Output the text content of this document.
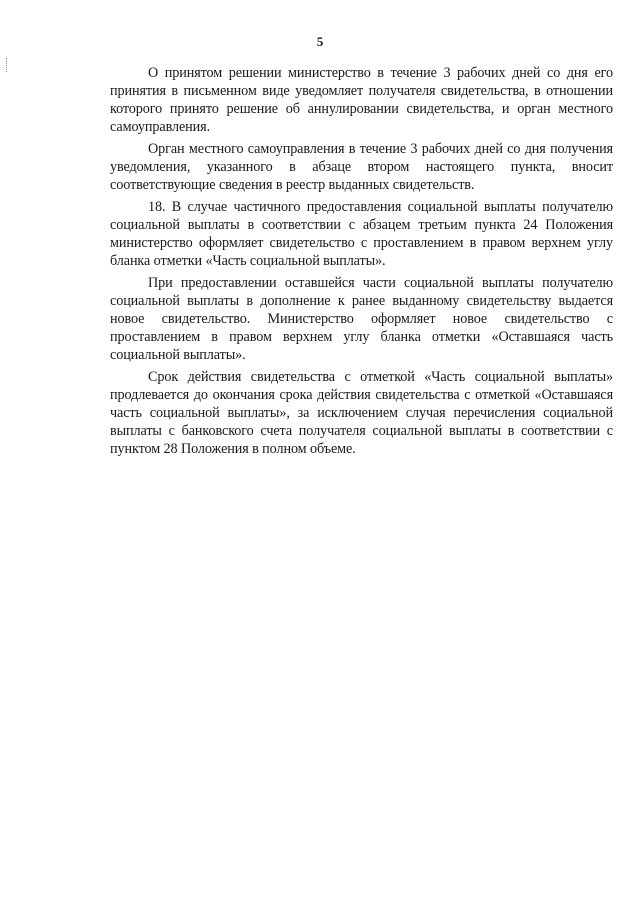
5

О принятом решении министерство в течение 3 рабочих дней со дня его принятия в письменном виде уведомляет получателя свидетельства, в отношении которого принято решение об аннулировании свидетельства, и орган местного самоуправления.

Орган местного самоуправления в течение 3 рабочих дней со дня получения уведомления, указанного в абзаце втором настоящего пункта, вносит соответствующие сведения в реестр выданных свидетельств.

18. В случае частичного предоставления социальной выплаты получателю социальной выплаты в соответствии с абзацем третьим пункта 24 Положения министерство оформляет свидетельство с проставлением в правом верхнем углу бланка отметки «Часть социальной выплаты».

При предоставлении оставшейся части социальной выплаты получателю социальной выплаты в дополнение к ранее выданному свидетельству выдается новое свидетельство. Министерство оформляет новое свидетельство с проставлением в правом верхнем углу бланка отметки «Оставшаяся часть социальной выплаты».

Срок действия свидетельства с отметкой «Часть социальной выплаты» продлевается до окончания срока действия свидетельства с отметкой «Оставшаяся часть социальной выплаты», за исключением случая перечисления социальной выплаты с банковского счета получателя социальной выплаты в соответствии с пунктом 28 Положения в полном объеме.
